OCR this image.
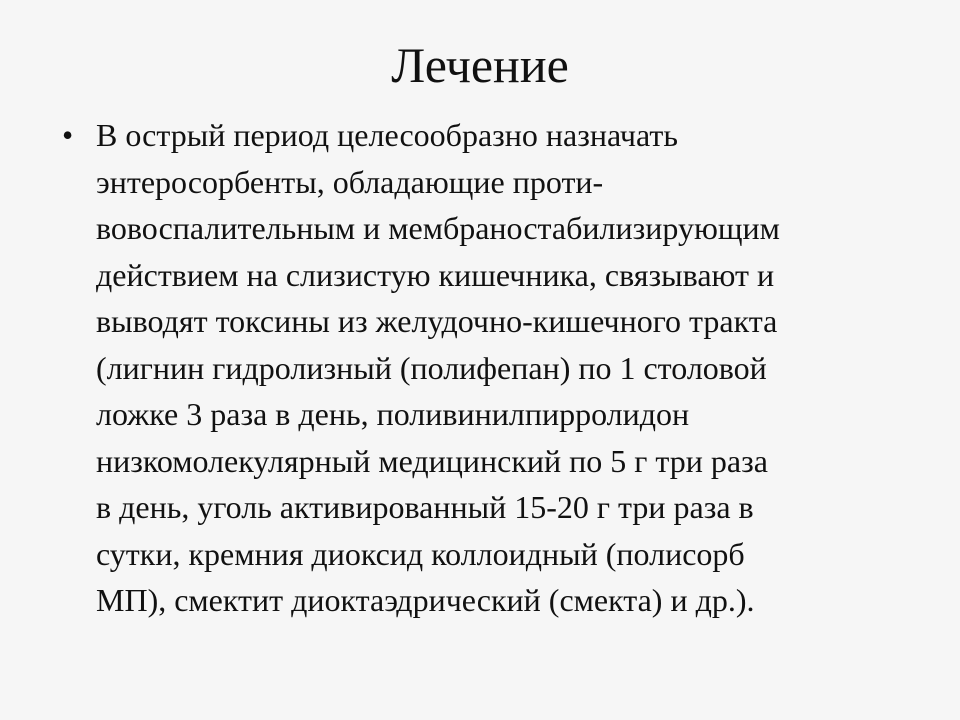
Лечение
• В острый период целесообразно назначать
энтеросорбенты, обладающие проти-
вовоспалительным и мембраностабилизирующим
действием на слизистую кишечника, связывают и
выводят токсины из желудочно-кишечного тракта
(лигнин гидролизный (полифепан) по 1 столовой
ложке 3 раза в день, поливинилпирролидон
низкомолекулярный медицинский по 5 г три раза
в день, уголь активированный 15-20 г три раза в
сутки, кремния диоксид коллоидный (полисорб
МП), смектит диоктаэдрический (смекта) и др.).
